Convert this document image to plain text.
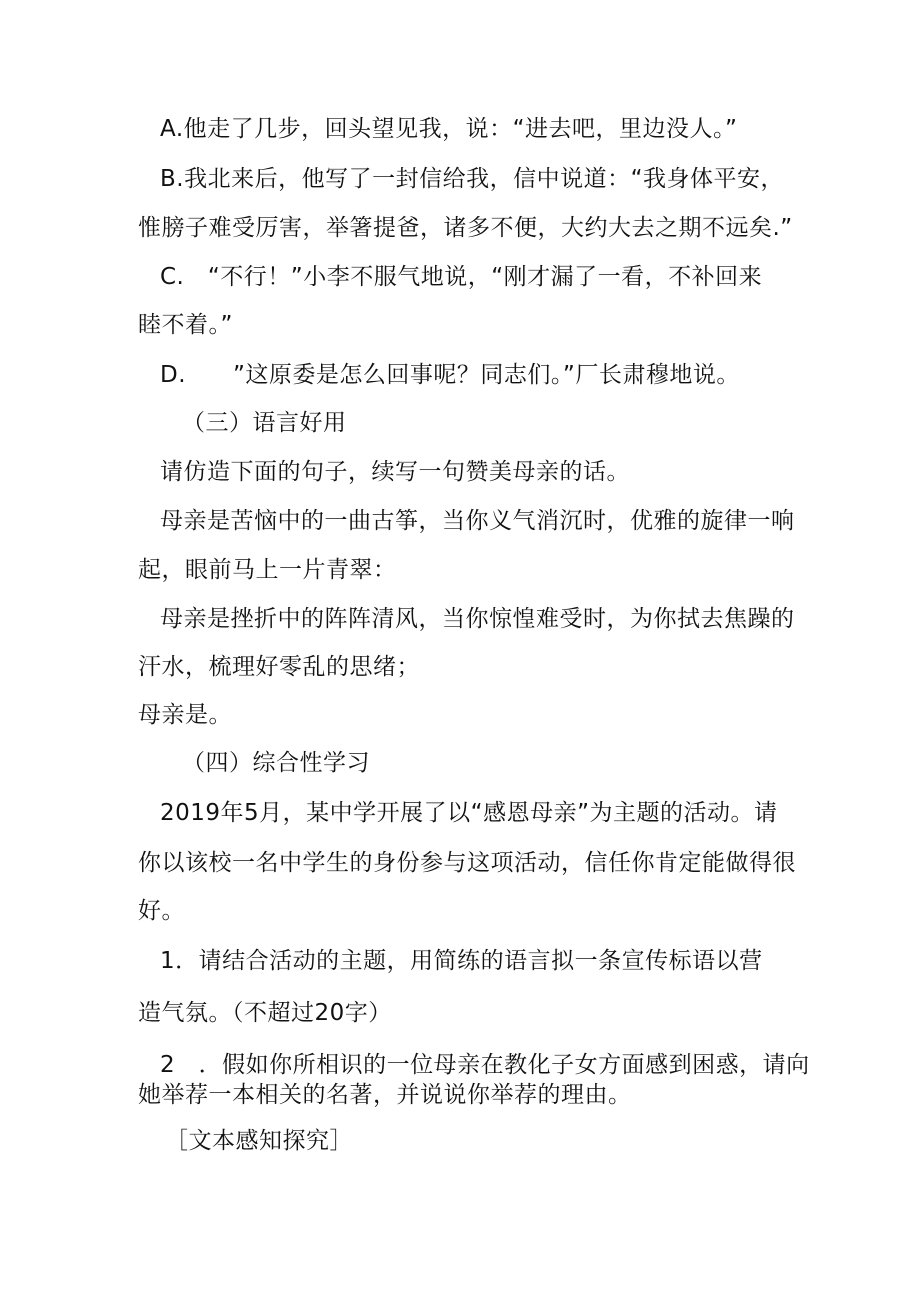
A.他走了几步，回头望见我，说：“进去吧，里边没人。”
B.我北来后，他写了一封信给我，信中说道：“我身体平安，
惟膀子难受厉害，举箸提爸，诸多不便，大约大去之期不远矣.”
C.　“不行！”小李不服气地说，“刚才漏了一看，不补回来
睦不着。”
D.　　”这原委是怎么回事呢？同志们。”厂长肃穆地说。
（三）语言好用
请仿造下面的句子，续写一句赞美母亲的话。
母亲是苦恼中的一曲古筝，当你义气消沉时，优雅的旋律一响
起，眼前马上一片青翠：
母亲是挫折中的阵阵清风，当你惊惶难受时，为你拭去焦躁的
汗水，梳理好零乱的思绪；
母亲是。
（四）综合性学习
2019年5月，某中学开展了以“感恩母亲”为主题的活动。请
你以该校一名中学生的身份参与这项活动，信任你肯定能做得很
好。
1．请结合活动的主题，用简练的语言拟一条宣传标语以营
造气氛。（不超过20字）
2　．假如你所相识的一位母亲在教化子女方面感到困惑，请向
她举荐一本相关的名著，并说说你举荐的理由。
［文本感知探究］
